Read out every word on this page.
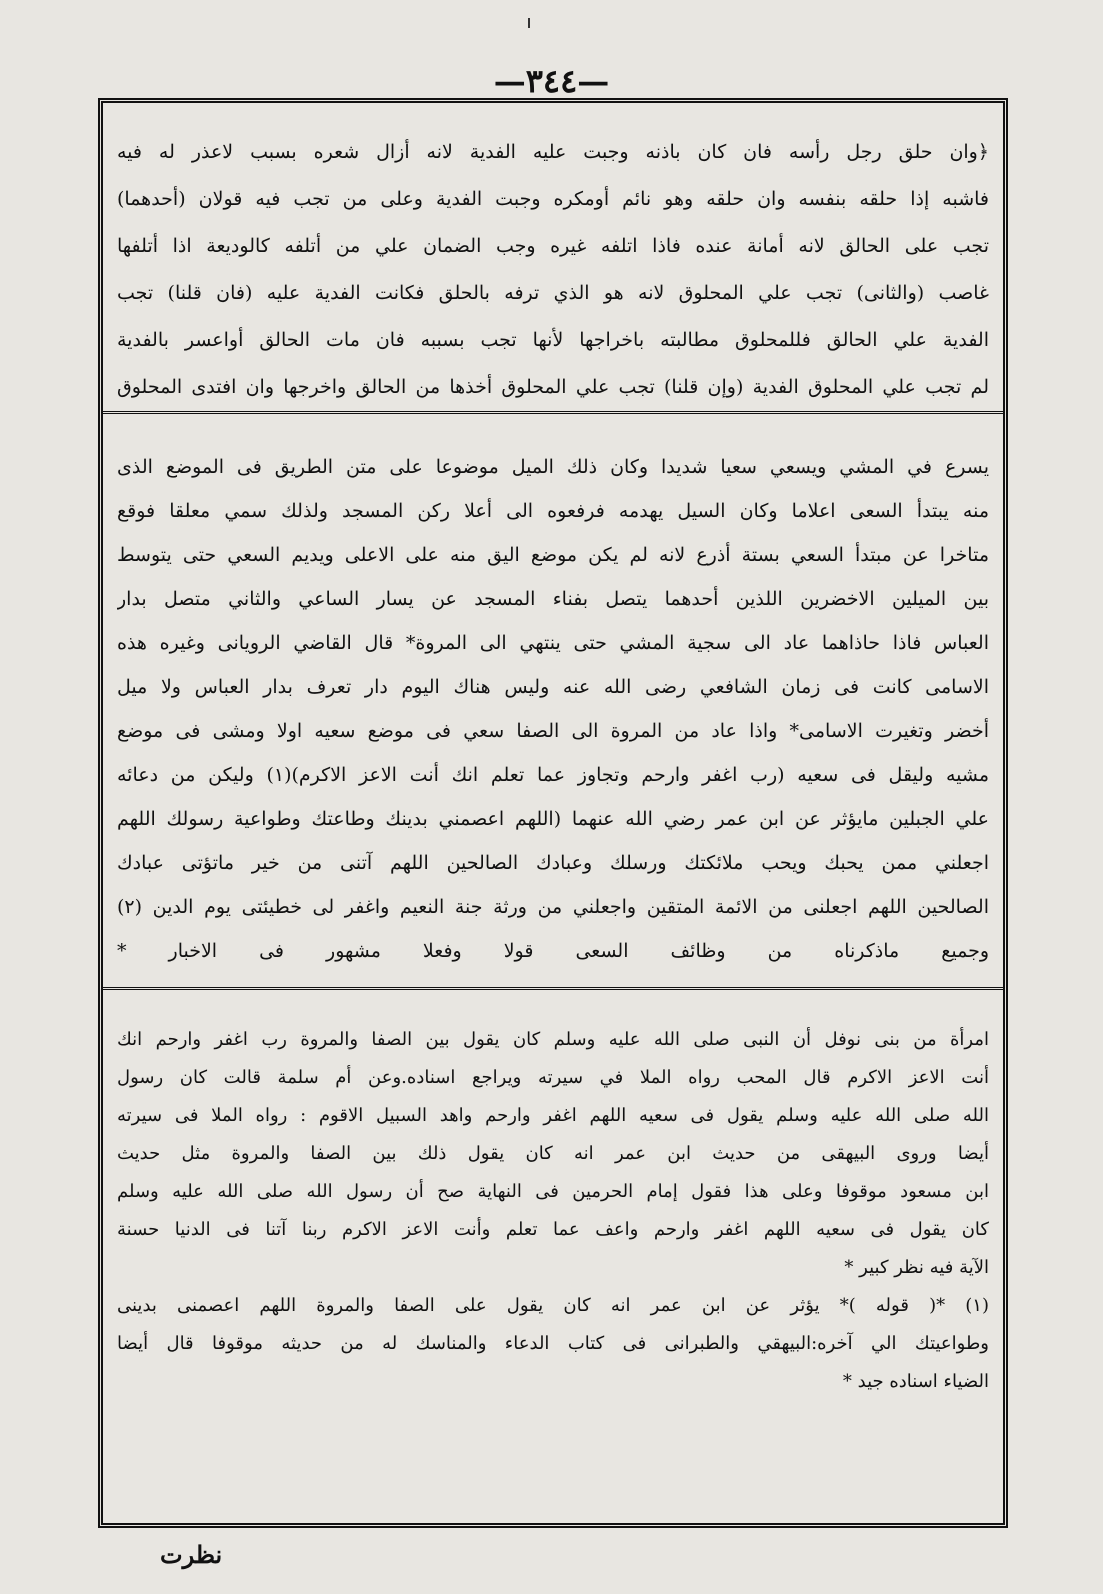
—٣٤٤—
﴿وان حلق رجل رأسه فان كان باذنه وجبت عليه الفدية لانه أزال شعره بسبب لاعذر له فيه
فاشبه إذا حلقه بنفسه وان حلقه وهو نائم أومكره وجبت الفدية وعلى من تجب فيه قولان (أحدهما)
تجب على الحالق لانه أمانة عنده فاذا اتلفه غيره وجب الضمان علي من أتلفه كالوديعة اذا أتلفها
غاصب (والثانى) تجب علي المحلوق لانه هو الذي ترفه بالحلق فكانت الفدية عليه (فان قلنا) تجب
الفدية علي الحالق فللمحلوق مطالبته باخراجها لأنها تجب بسببه فان مات الحالق أواعسر بالفدية
لم تجب علي المحلوق الفدية (وإن قلنا) تجب علي المحلوق أخذها من الحالق واخرجها وان افتدى المحلوق
يسرع في المشي ويسعي سعيا شديدا وكان ذلك الميل موضوعا على متن الطريق فى الموضع الذى
منه يبتدأ السعى اعلاما وكان السيل يهدمه فرفعوه الى أعلا ركن المسجد ولذلك سمي معلقا فوقع
متاخرا عن مبتدأ السعي بستة أذرع لانه لم يكن موضع اليق منه على الاعلى ويديم السعي حتى يتوسط
بين الميلين الاخضرين اللذين أحدهما يتصل بفناء المسجد عن يسار الساعي والثاني متصل بدار
العباس فاذا حاذاهما عاد الى سجية المشي حتى ينتهي الى المروة* قال القاضي الرويانى وغيره هذه
الاسامى كانت فى زمان الشافعي رضى الله عنه وليس هناك اليوم دار تعرف بدار العباس ولا ميل
أخضر وتغيرت الاسامى* واذا عاد من المروة الى الصفا سعي فى موضع سعيه اولا ومشى فى موضع
مشيه وليقل فى سعيه (رب اغفر وارحم وتجاوز عما تعلم انك أنت الاعز الاكرم)(١) وليكن من دعائه
علي الجبلين مايؤثر عن ابن عمر رضي الله عنهما (اللهم اعصمني بدينك وطاعتك وطواعية رسولك اللهم
اجعلني ممن يحبك ويحب ملائكتك ورسلك وعبادك الصالحين اللهم آتنى من خير ماتؤتى عبادك
الصالحين اللهم اجعلنى من الائمة المتقين واجعلني من ورثة جنة النعيم واغفر لى خطيئتى يوم الدين (٢)
وجميع ماذكرناه من وظائف السعى قولا وفعلا مشهور فى الاخبار *
امرأة من بنى نوفل أن النبى صلى الله عليه وسلم كان يقول بين الصفا والمروة رب اغفر وارحم انك
أنت الاعز الاكرم قال المحب رواه الملا في سيرته ويراجع اسناده.وعن أم سلمة قالت كان رسول
الله صلى الله عليه وسلم يقول فى سعيه اللهم اغفر وارحم واهد السبيل الاقوم : رواه الملا فى سيرته
أيضا وروى البيهقى من حديث ابن عمر انه كان يقول ذلك بين الصفا والمروة مثل حديث
ابن مسعود موقوفا وعلى هذا فقول إمام الحرمين فى النهاية صح أن رسول الله صلى الله عليه وسلم
كان يقول فى سعيه اللهم اغفر وارحم واعف عما تعلم وأنت الاعز الاكرم ربنا آتنا فى الدنيا حسنة
الآية فيه نظر كبير *
(١) *( قوله )* يؤثر عن ابن عمر انه كان يقول على الصفا والمروة اللهم اعصمنى بدينى
وطواعيتك الي آخره:البيهقي والطبرانى فى كتاب الدعاء والمناسك له من حديثه موقوفا قال أيضا
الضياء اسناده جيد *
نظرت
